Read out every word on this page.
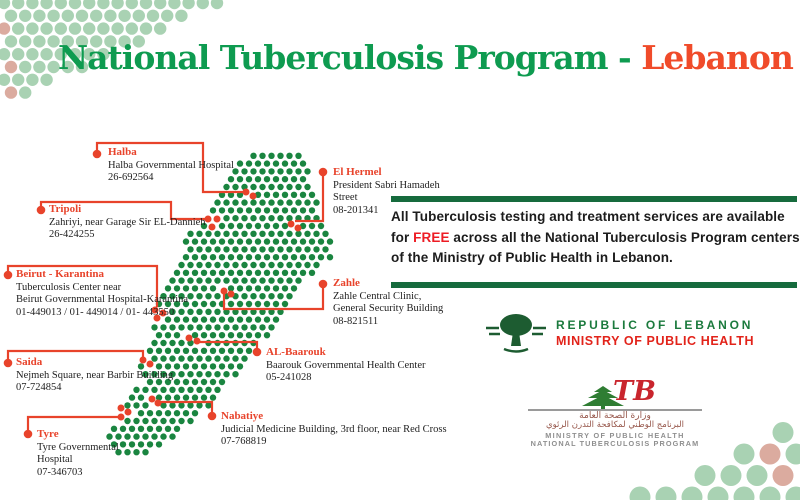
National Tuberculosis Program - Lebanon
Halba
Halba Governmental Hospital
26-692564
Tripoli
Zahriyi, near Garage Sir EL-Dannieh
26-424255
Beirut - Karantina
Tuberculosis Center near
Beirut Governmental Hospital-Karantina
01-449013 / 01- 449014 / 01- 443550
Saida
Nejmeh Square, near Barbir Building
07-724854
Tyre
Tyre Governmental
Hospital
07-346703
El Hermel
President Sabri Hamadeh
Street
08-201341
Zahle
Zahle Central Clinic,
General Security Building
08-821511
AL-Baarouk
Baarouk Governmental Health Center
05-241028
Nabatiye
Judicial Medicine Building, 3rd floor, near Red Cross
07-768819
All Tuberculosis testing and treatment services are available
for FREE across all the National Tuberculosis Program centers
of the Ministry of Public Health in Lebanon.
REPUBLIC OF LEBANON
MINISTRY OF PUBLIC HEALTH
TB
وزارة الصحة العامة
البرنامج الوطني لمكافحة التدرن الرئوي
MINISTRY OF PUBLIC HEALTH
NATIONAL TUBERCULOSIS PROGRAM
